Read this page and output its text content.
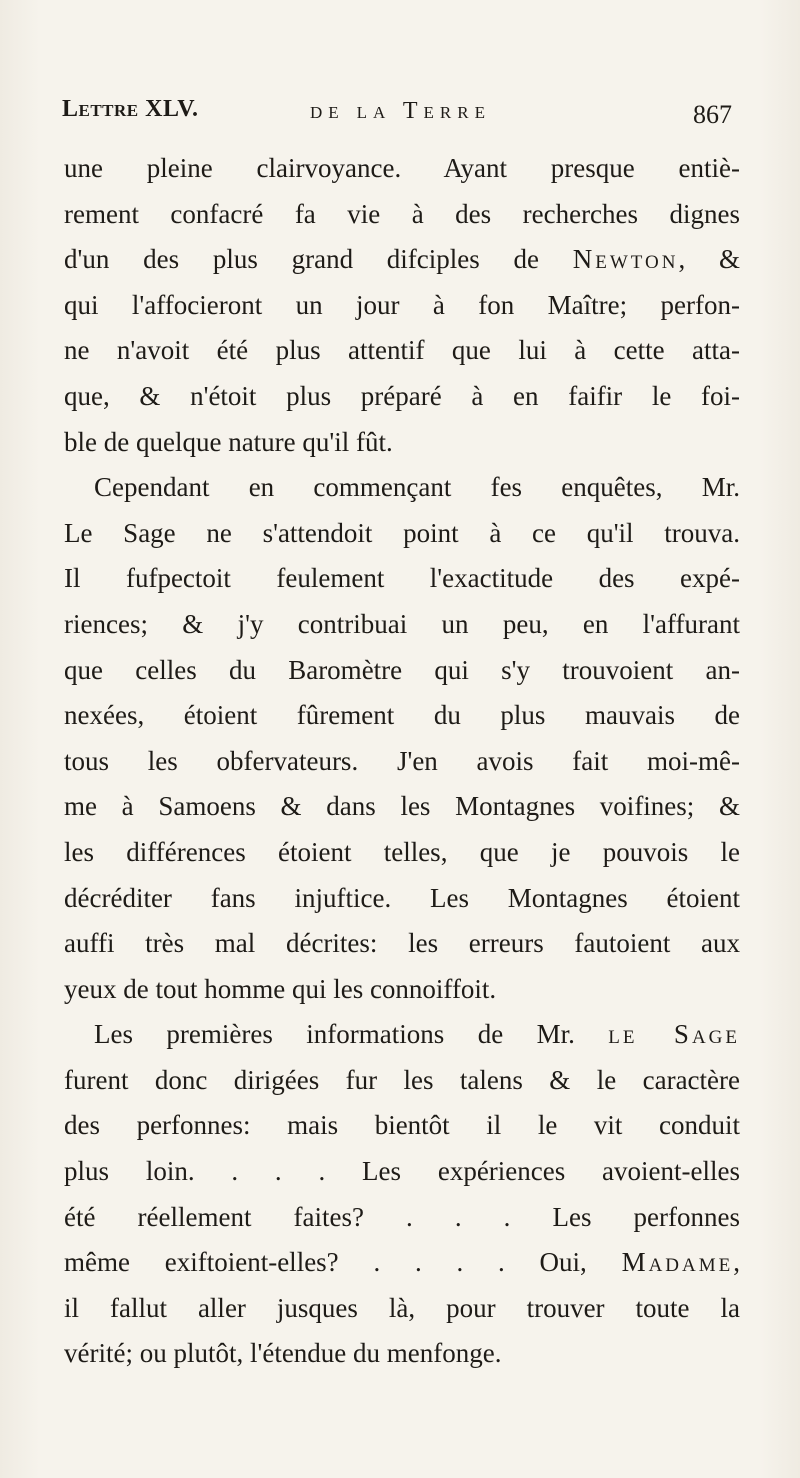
Lettre XLV.	de la Terre	867
une pleine clairvoyance. Ayant presque entiè-
rement confacré fa vie à des recherches dignes
d'un des plus grand difciples de Newton, &
qui l'affocieront un jour à fon Maître; perfon-
ne n'avoit été plus attentif que lui à cette atta-
que, & n'étoit plus préparé à en faifir le foi-
ble de quelque nature qu'il fût.
Cependant en commençant fes enquêtes, Mr.
Le Sage ne s'attendoit point à ce qu'il trouva.
Il fufpectoit feulement l'exactitude des expé-
riences; & j'y contribuai un peu, en l'affurant
que celles du Baromètre qui s'y trouvoient an-
nexées, étoient fûrement du plus mauvais de
tous les obfervateurs. J'en avois fait moi-mê-
me à Samoens & dans les Montagnes voifines; &
les différences étoient telles, que je pouvois le
décréditer fans injuftice. Les Montagnes étoient
auffi très mal décrites: les erreurs fautoient aux
yeux de tout homme qui les connoiffoit.
Les premières informations de Mr. le Sage
furent donc dirigées fur les talens & le caractère
des perfonnes: mais bientôt il le vit conduit
plus loin. . . . Les expériences avoient-elles
été réellement faites? . . . Les perfonnes
même exiftoient-elles? . . . . Oui, Madame,
il fallut aller jusques là, pour trouver toute la
vérité; ou plutôt, l'étendue du menfonge.
